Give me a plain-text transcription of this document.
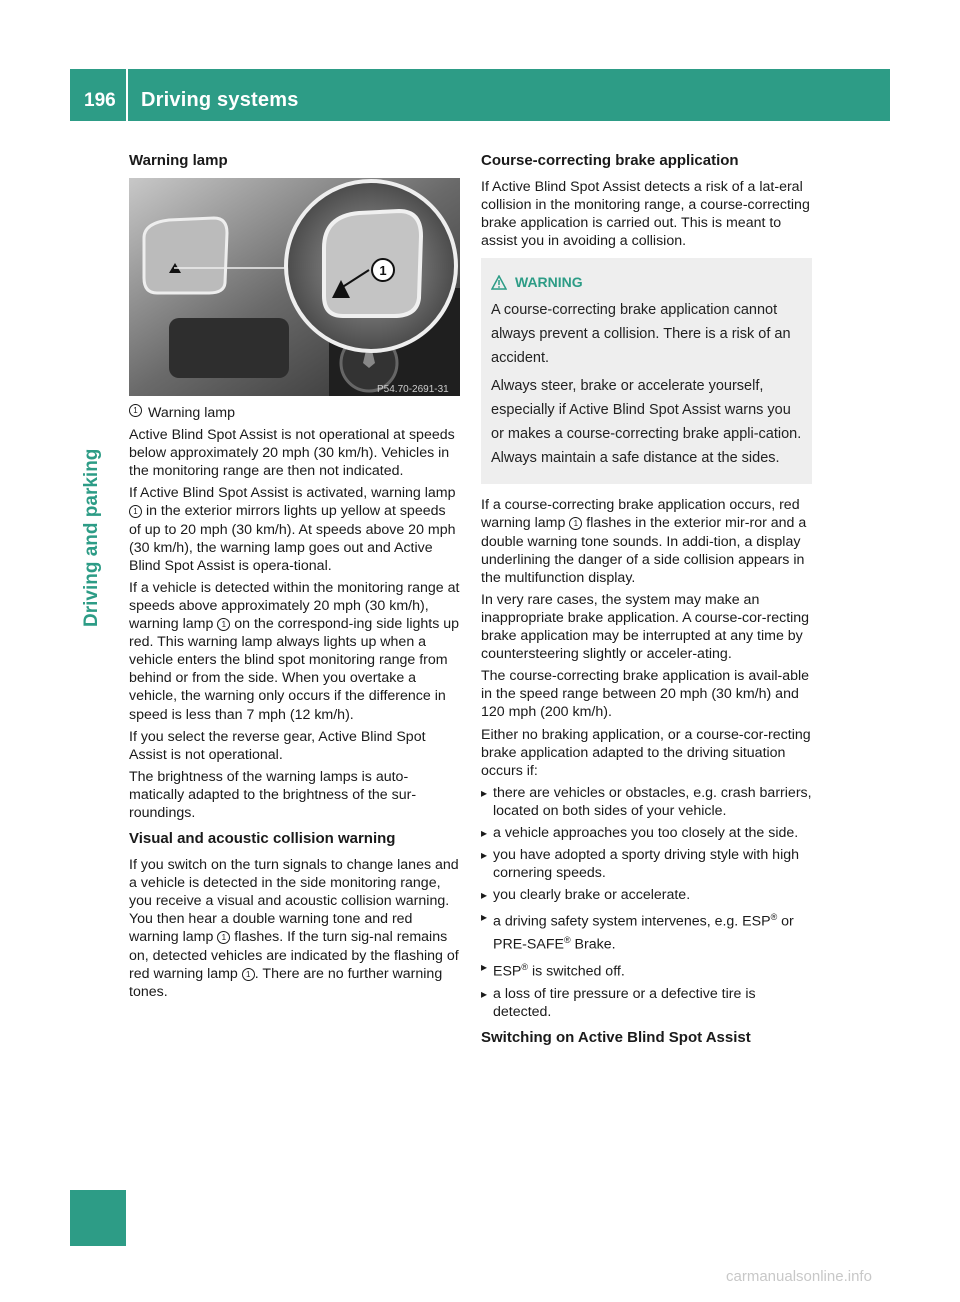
196 Driving systems
Driving and parking
Warning lamp
1
P54.70-2691-31
1 Warning lamp

Active Blind Spot Assist is not operational at speeds below approximately 20 mph (30 km/h). Vehicles in the monitoring range are then not indicated.

If Active Blind Spot Assist is activated, warning lamp 1 in the exterior mirrors lights up yellow at speeds of up to 20 mph (30 km/h). At speeds above 20 mph (30 km/h), the warning lamp goes out and Active Blind Spot Assist is opera-tional.

If a vehicle is detected within the monitoring range at speeds above approximately 20 mph (30 km/h), warning lamp 1 on the correspond-ing side lights up red. This warning lamp always lights up when a vehicle enters the blind spot monitoring range from behind or from the side. When you overtake a vehicle, the warning only occurs if the difference in speed is less than 7 mph (12 km/h).

If you select the reverse gear, Active Blind Spot Assist is not operational.

The brightness of the warning lamps is auto-matically adapted to the brightness of the sur-roundings.

Visual and acoustic collision warning

If you switch on the turn signals to change lanes and a vehicle is detected in the side monitoring range, you receive a visual and acoustic collision warning. You then hear a double warning tone and red warning lamp 1 flashes. If the turn sig-nal remains on, detected vehicles are indicated by the flashing of red warning lamp 1 . There are no further warning tones.

Course-correcting brake application

If Active Blind Spot Assist detects a risk of a lat-eral collision in the monitoring range, a course-correcting brake application is carried out. This is meant to assist you in avoiding a collision.

WARNING

A course-correcting brake application cannot always prevent a collision. There is a risk of an accident.

Always steer, brake or accelerate yourself, especially if Active Blind Spot Assist warns you or makes a course-correcting brake appli-cation. Always maintain a safe distance at the sides.

If a course-correcting brake application occurs, red warning lamp 1 flashes in the exterior mir-ror and a double warning tone sounds. In addi-tion, a display underlining the danger of a side collision appears in the multifunction display.

In very rare cases, the system may make an inappropriate brake application. A course-cor-recting brake application may be interrupted at any time by countersteering slightly or acceler-ating.

The course-correcting brake application is avail-able in the speed range between 20 mph (30 km/h) and 120 mph (200 km/h).

Either no braking application, or a course-cor-recting brake application adapted to the driving situation occurs if:

▸ there are vehicles or obstacles, e.g. crash barriers, located on both sides of your vehicle.
▸ a vehicle approaches you too closely at the side.
▸ you have adopted a sporty driving style with high cornering speeds.
▸ you clearly brake or accelerate.
▸ a driving safety system intervenes, e.g. ESP® or PRE-SAFE® Brake.
▸ ESP® is switched off.
▸ a loss of tire pressure or a defective tire is detected.
Switching on Active Blind Spot Assist
carmanualsonline.info
